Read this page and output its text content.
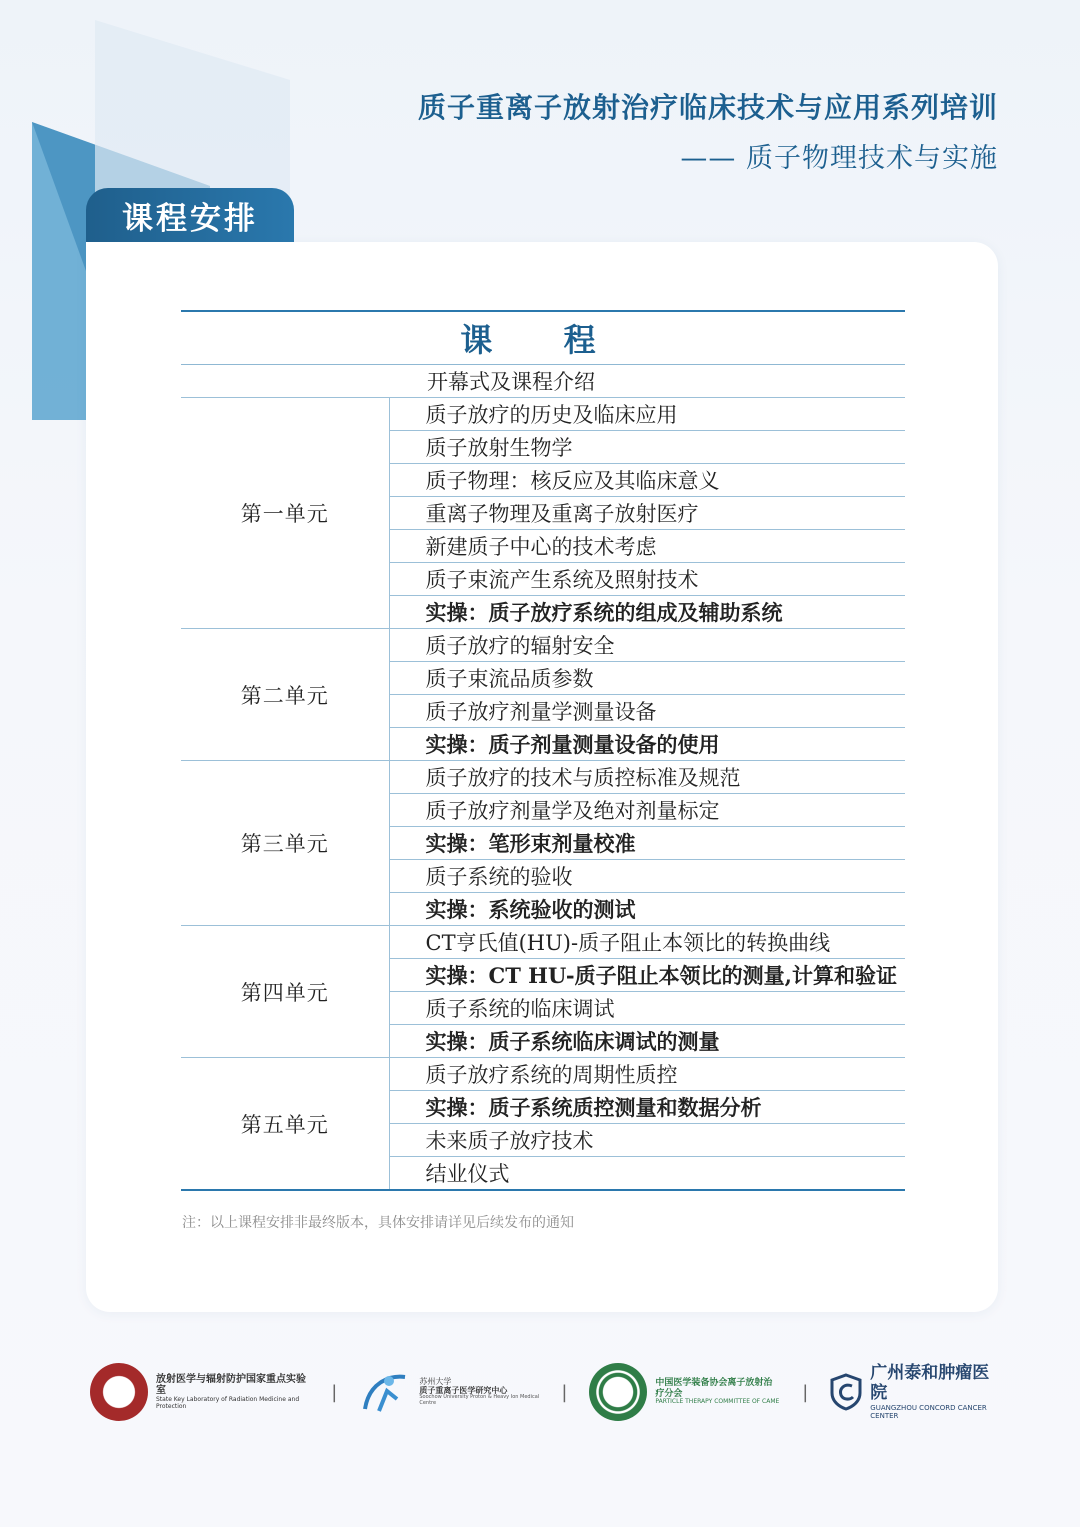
质子重离子放射治疗临床技术与应用系列培训
—— 质子物理技术与实施
课程安排
课 程	
开幕式及课程介绍	
第一单元	质子放疗的历史及临床应用
	质子放射生物学
	质子物理：核反应及其临床意义
	重离子物理及重离子放射医疗
	新建质子中心的技术考虑
	质子束流产生系统及照射技术
	实操：质子放疗系统的组成及辅助系统
第二单元	质子放疗的辐射安全
	质子束流品质参数
	质子放疗剂量学测量设备
	实操：质子剂量测量设备的使用
第三单元	质子放疗的技术与质控标准及规范
	质子放疗剂量学及绝对剂量标定
	实操：笔形束剂量校准
	质子系统的验收
	实操：系统验收的测试
第四单元	CT亨氏值(HU)-质子阻止本领比的转换曲线
	实操：CT HU-质子阻止本领比的测量,计算和验证
	质子系统的临床调试
	实操：质子系统临床调试的测量
第五单元	质子放疗系统的周期性质控
	实操：质子系统质控测量和数据分析
	未来质子放疗技术
	结业仪式
注：以上课程安排非最终版本，具体安排请详见后续发布的通知
放射医学与辐射防护国家重点实验室
State Key Laboratory of Radiation Medicine and Protection
|	苏州大学
质子重离子医学研究中心
Soochow University Proton & Heavy Ion Medical Centre
|	中国医学装备协会离子放射治疗分会
PARTICLE THERAPY COMMITTEE OF CAME |
广州泰和肿瘤医院
GUANGZHOU CONCORD CANCER CENTER
